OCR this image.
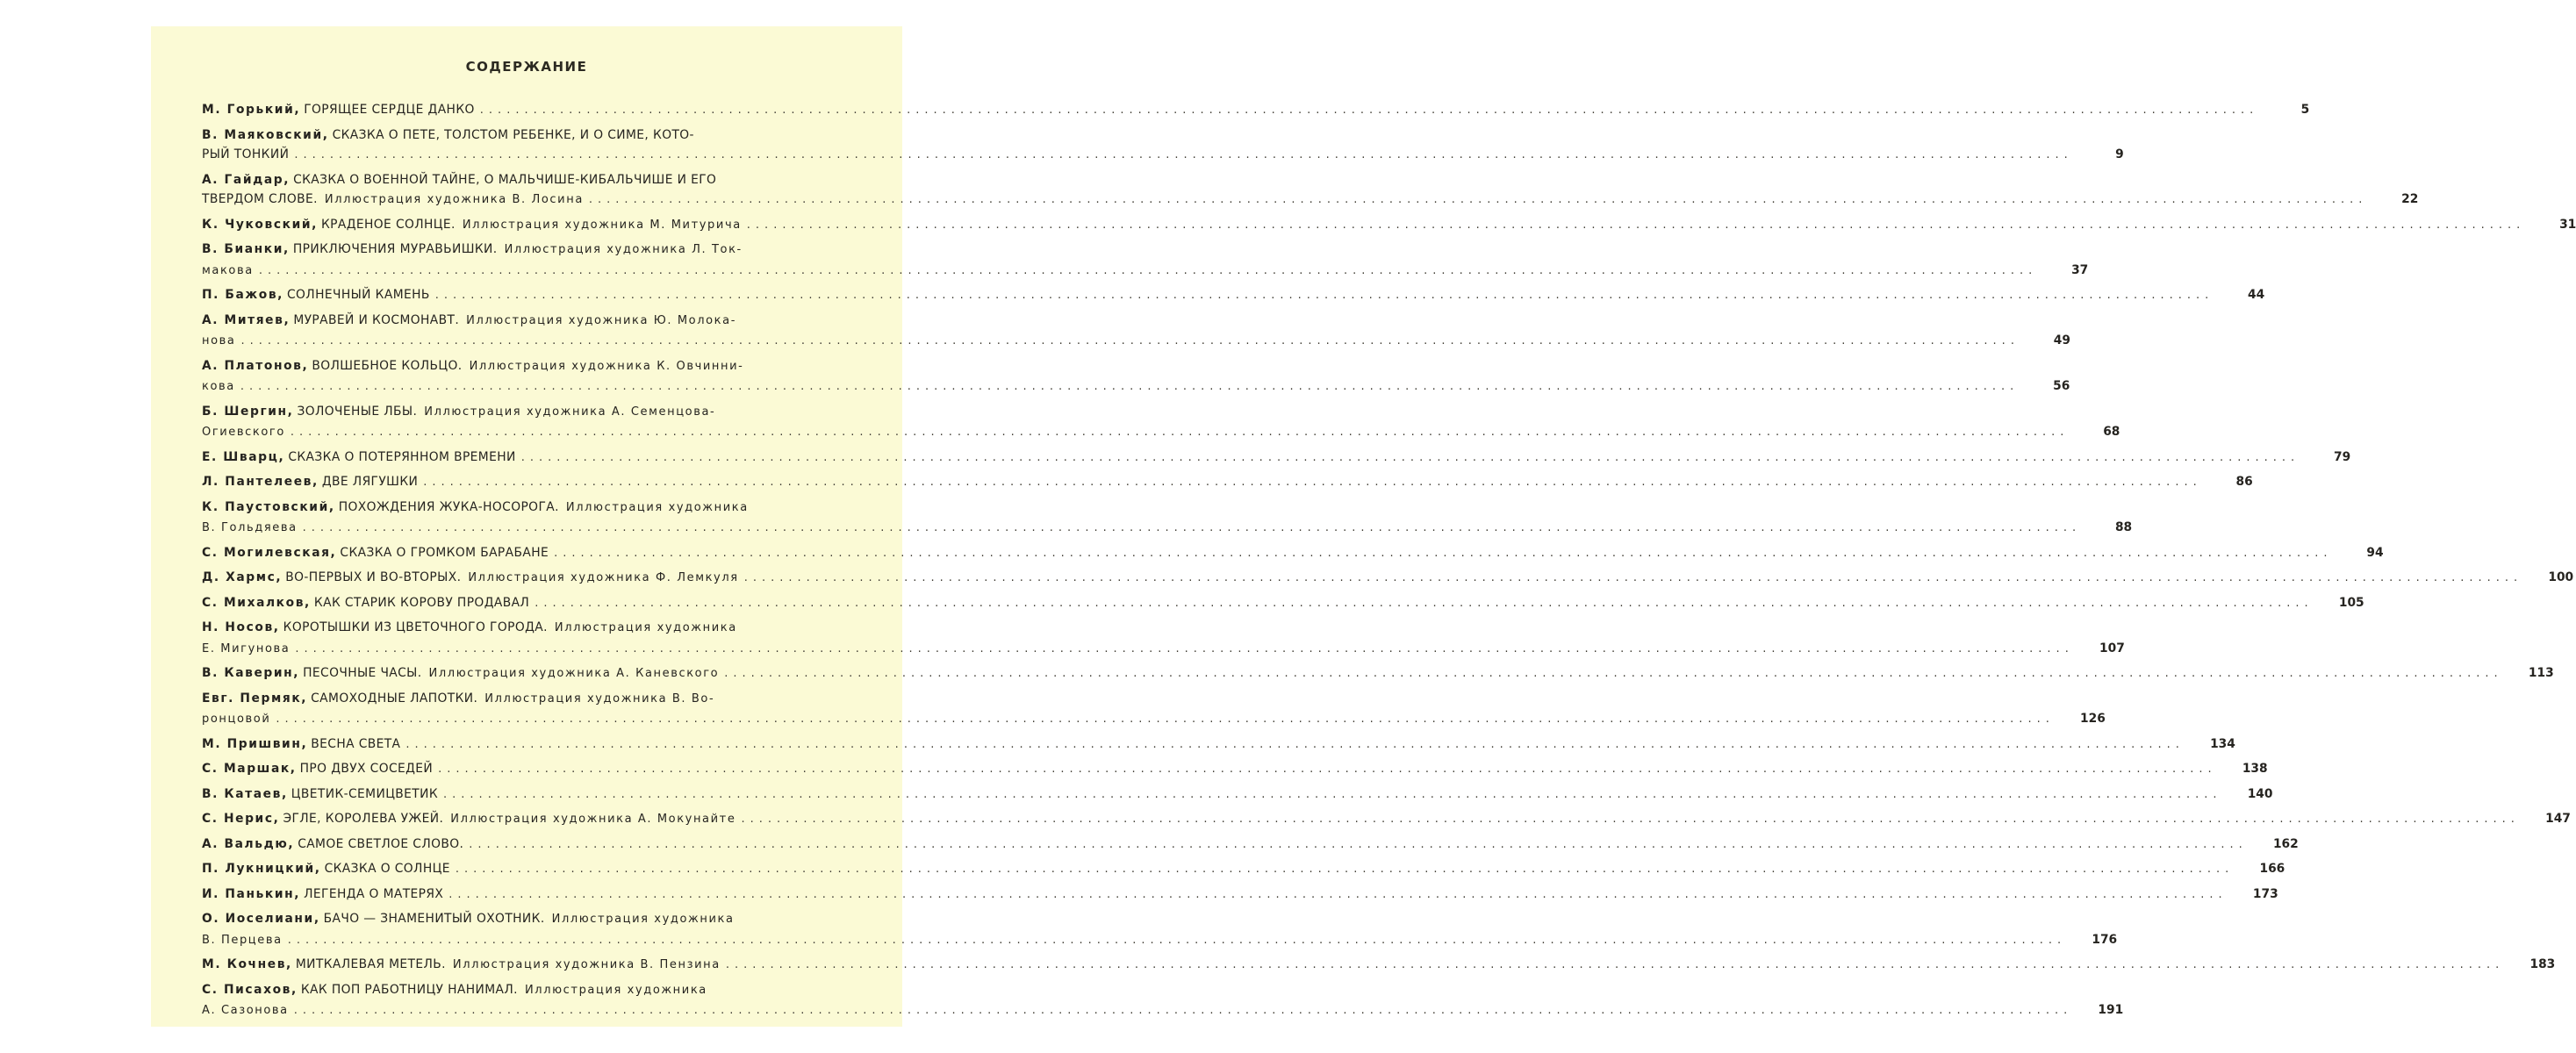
СОДЕРЖАНИЕ
М. Горький, ГОРЯЩЕЕ СЕРДЦЕ ДАНКО ........................................................................................................................................................................................................	5
В. Маяковский, СКАЗКА О ПЕТЕ, ТОЛСТОМ РЕБЕНКЕ, И О СИМЕ, КОТО-
РЫЙ ТОНКИЙ ........................................................................................................................................................................................................	9
А. Гайдар, СКАЗКА О ВОЕННОЙ ТАЙНЕ, О МАЛЬЧИШЕ-КИБАЛЬЧИШЕ И ЕГО
ТВЕРДОМ СЛОВЕ. Иллюстрация художника В. Лосина ........................................................................................................................................................................................................	22
К. Чуковский, КРАДЕНОЕ СОЛНЦЕ. Иллюстрация художника М. Митурича ........................................................................................................................................................................................................	31
В. Бианки, ПРИКЛЮЧЕНИЯ МУРАВЬИШКИ. Иллюстрация художника Л. Ток-
макова ........................................................................................................................................................................................................	37
П. Бажов, СОЛНЕЧНЫЙ КАМЕНЬ ........................................................................................................................................................................................................	44
А. Митяев, МУРАВЕЙ И КОСМОНАВТ. Иллюстрация художника Ю. Молока-
нова ........................................................................................................................................................................................................	49
А. Платонов, ВОЛШЕБНОЕ КОЛЬЦО. Иллюстрация художника К. Овчинни-
кова ........................................................................................................................................................................................................	56
Б. Шергин, ЗОЛОЧЕНЫЕ ЛБЫ. Иллюстрация художника А. Семенцова-
Огиевского ........................................................................................................................................................................................................	68
Е. Шварц, СКАЗКА О ПОТЕРЯННОМ ВРЕМЕНИ ........................................................................................................................................................................................................	79
Л. Пантелеев, ДВЕ ЛЯГУШКИ ........................................................................................................................................................................................................	86
К. Паустовский, ПОХОЖДЕНИЯ ЖУКА-НОСОРОГА. Иллюстрация художника
В. Гольдяева ........................................................................................................................................................................................................	88
С. Могилевская, СКАЗКА О ГРОМКОМ БАРАБАНЕ ........................................................................................................................................................................................................	94
Д. Хармс, ВО-ПЕРВЫХ И ВО-ВТОРЫХ. Иллюстрация художника Ф. Лемкуля ........................................................................................................................................................................................................	100
С. Михалков, КАК СТАРИК КОРОВУ ПРОДАВАЛ ........................................................................................................................................................................................................	105
Н. Носов, КОРОТЫШКИ ИЗ ЦВЕТОЧНОГО ГОРОДА. Иллюстрация художника
Е. Мигунова ........................................................................................................................................................................................................	107
В. Каверин, ПЕСОЧНЫЕ ЧАСЫ. Иллюстрация художника А. Каневского ........................................................................................................................................................................................................	113
Евг. Пермяк, САМОХОДНЫЕ ЛАПОТКИ. Иллюстрация художника В. Во-
ронцовой ........................................................................................................................................................................................................	126
М. Пришвин, ВЕСНА СВЕТА ........................................................................................................................................................................................................	134
С. Маршак, ПРО ДВУХ СОСЕДЕЙ ........................................................................................................................................................................................................	138
В. Катаев, ЦВЕТИК-СЕМИЦВЕТИК ........................................................................................................................................................................................................	140
С. Нерис, ЭГЛЕ, КОРОЛЕВА УЖЕЙ. Иллюстрация художника А. Мокунайте ........................................................................................................................................................................................................	147
А. Вальдю, САМОЕ СВЕТЛОЕ СЛОВО. ........................................................................................................................................................................................................	162
П. Лукницкий, СКАЗКА О СОЛНЦЕ ........................................................................................................................................................................................................	166
И. Панькин, ЛЕГЕНДА О МАТЕРЯХ ........................................................................................................................................................................................................	173
О. Иоселиани, БАЧО — ЗНАМЕНИТЫЙ ОХОТНИК. Иллюстрация художника
В. Перцева ........................................................................................................................................................................................................	176
М. Кочнев, МИТКАЛЕВАЯ МЕТЕЛЬ. Иллюстрация художника В. Пензина ........................................................................................................................................................................................................	183
С. Писахов, КАК ПОП РАБОТНИЦУ НАНИМАЛ. Иллюстрация художника
А. Сазонова ........................................................................................................................................................................................................	191
